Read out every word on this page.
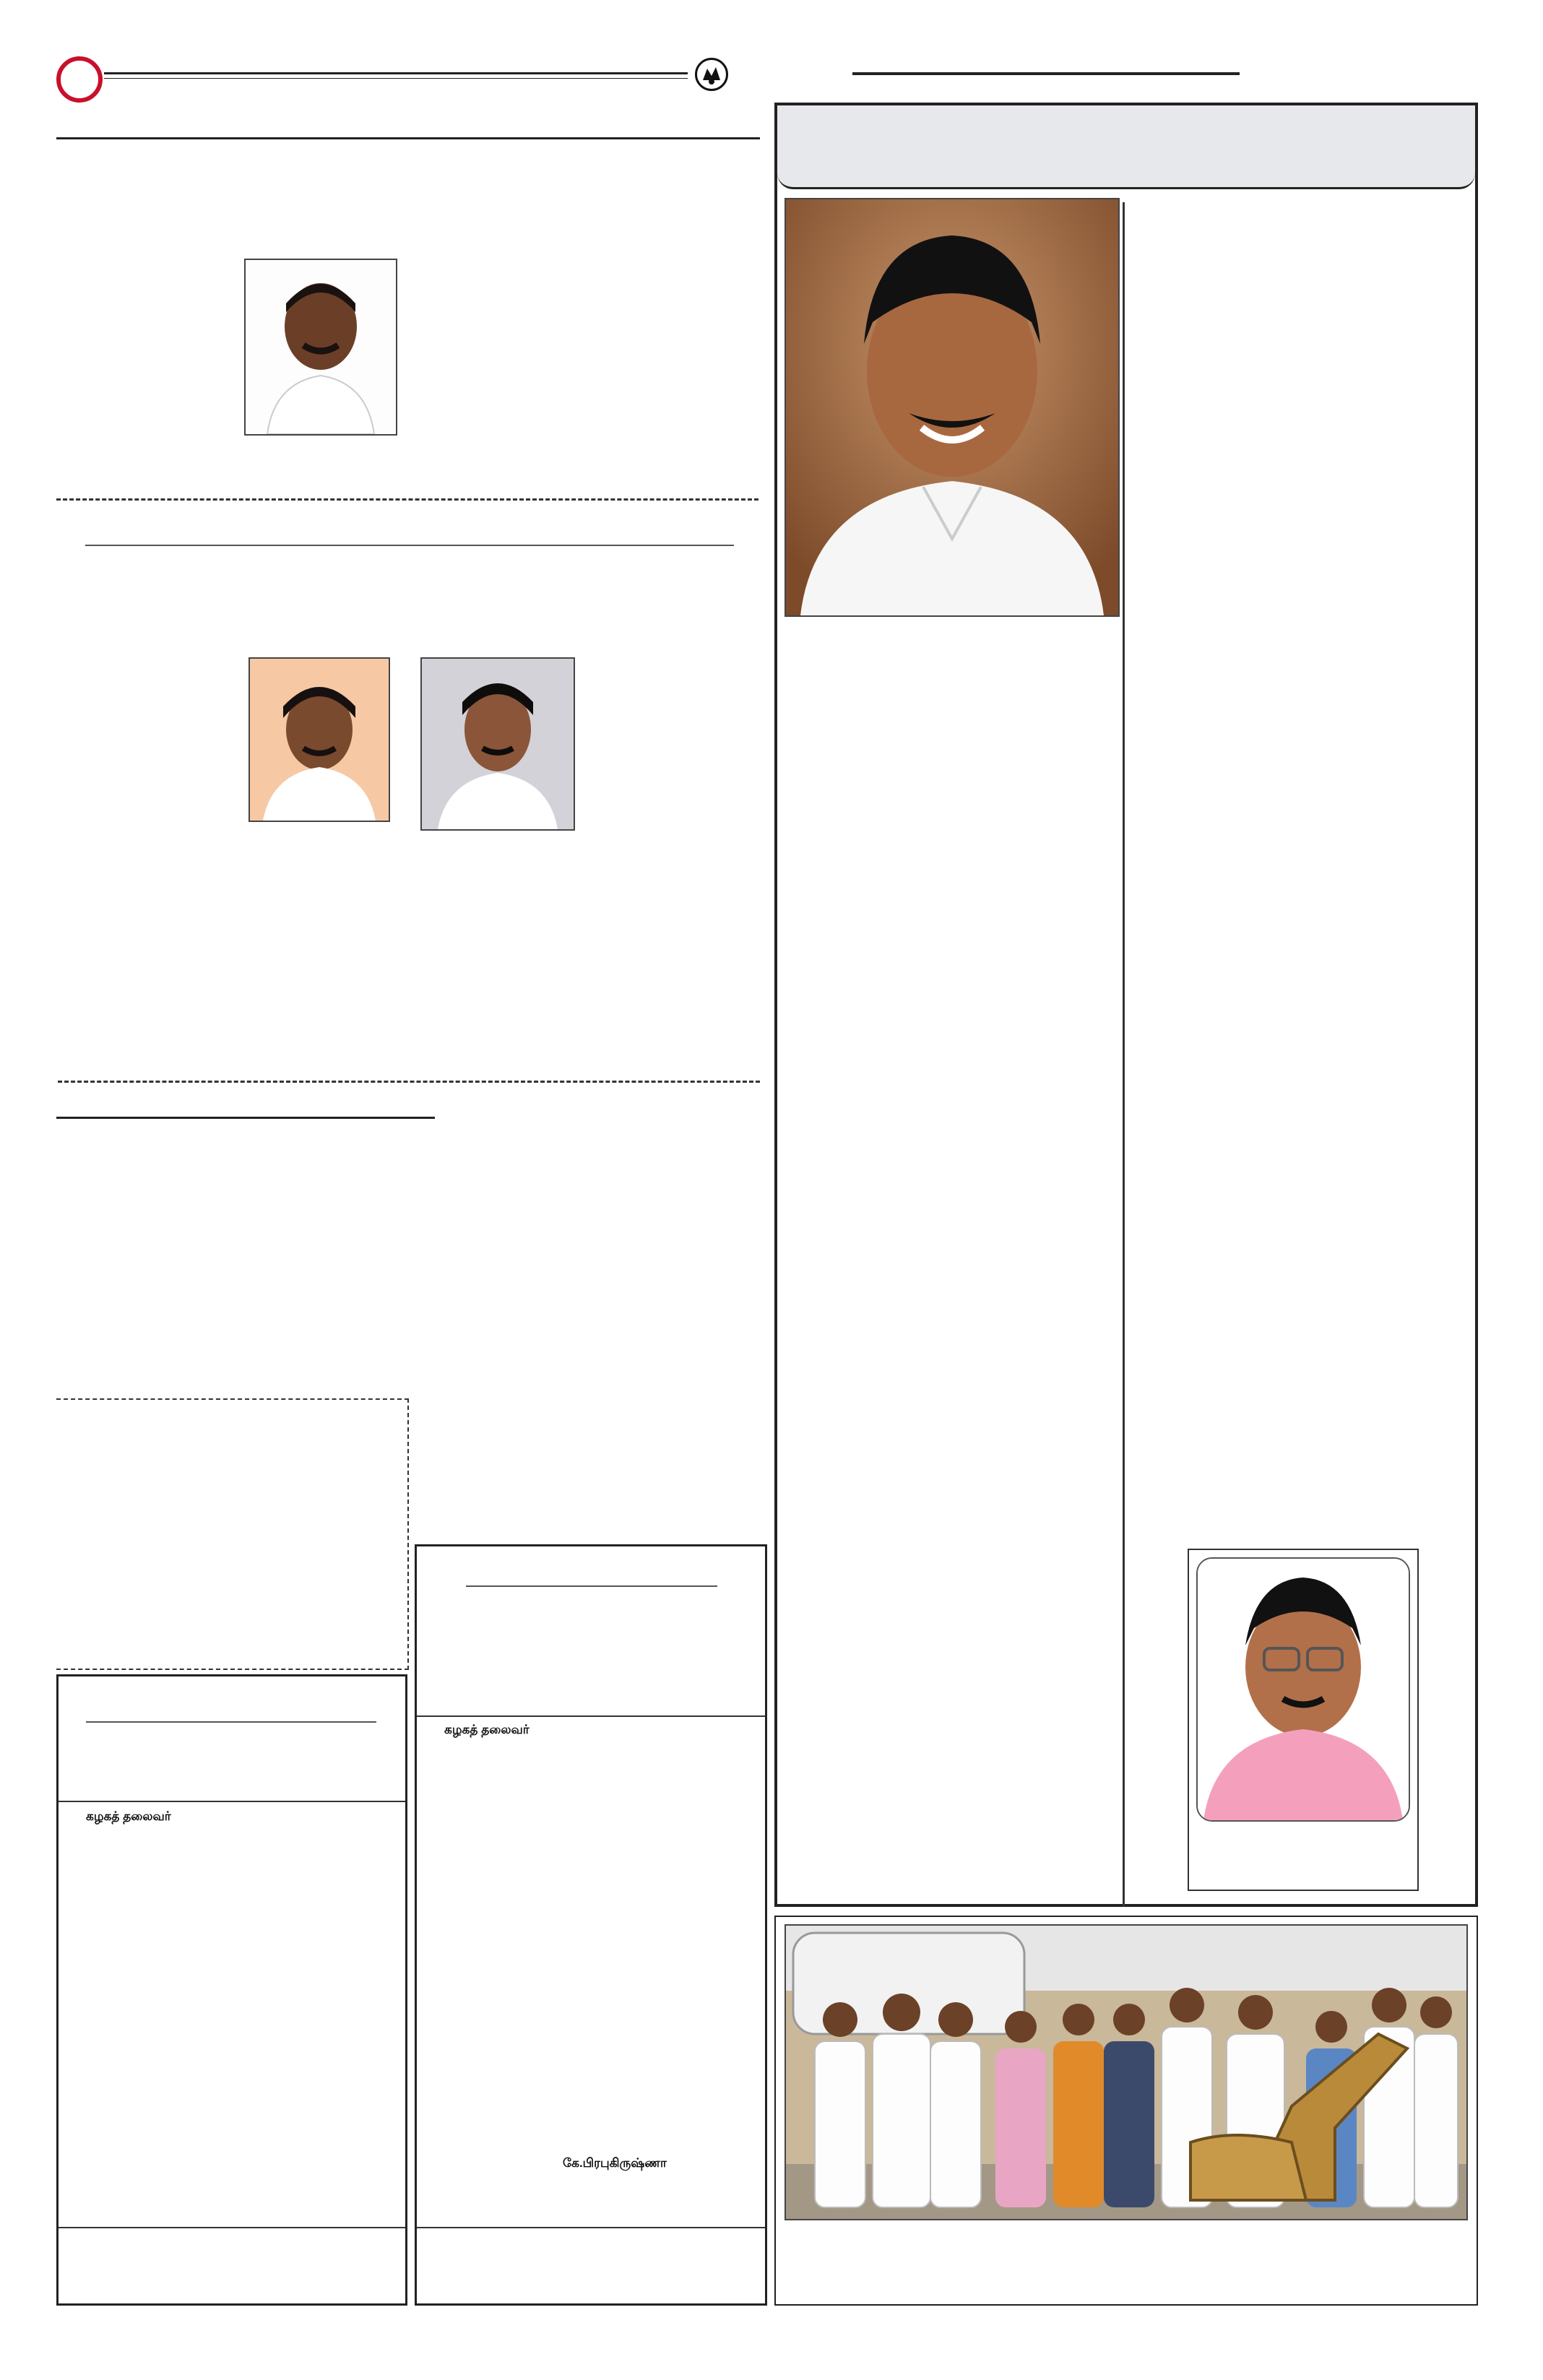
கழகத் தலைவர்
கழகத் தலைவர்
கே.பிரபுகிருஷ்ணா
